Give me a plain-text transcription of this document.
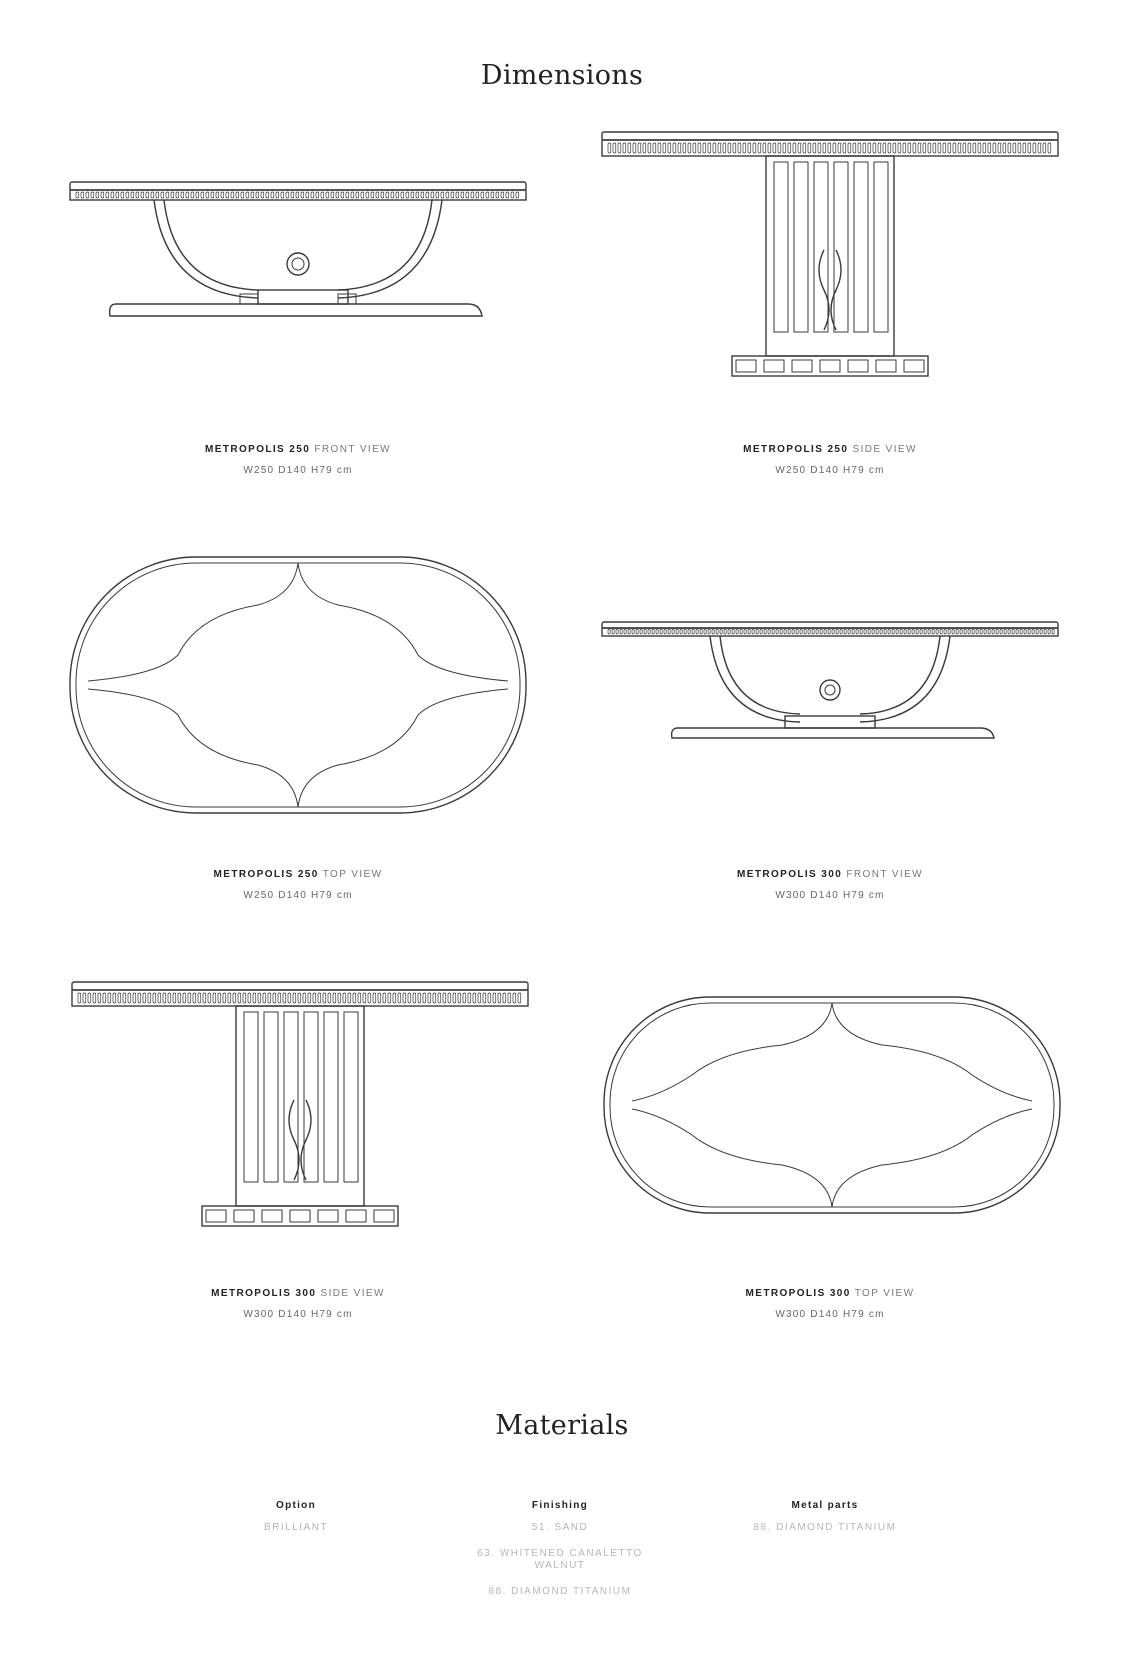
Dimensions
METROPOLIS 250 FRONT VIEW
W250 D140 H79 cm
METROPOLIS 250 SIDE VIEW
W250 D140 H79 cm
METROPOLIS 250 TOP VIEW
W250 D140 H79 cm
METROPOLIS 300 FRONT VIEW
W300 D140 H79 cm
METROPOLIS 300 SIDE VIEW
W300 D140 H79 cm
METROPOLIS 300 TOP VIEW
W300 D140 H79 cm
Materials
Option
BRILLIANT
Finishing
51. SAND
63. WHITENED CANALETTO WALNUT
88. DIAMOND TITANIUM
Metal parts
88. DIAMOND TITANIUM
